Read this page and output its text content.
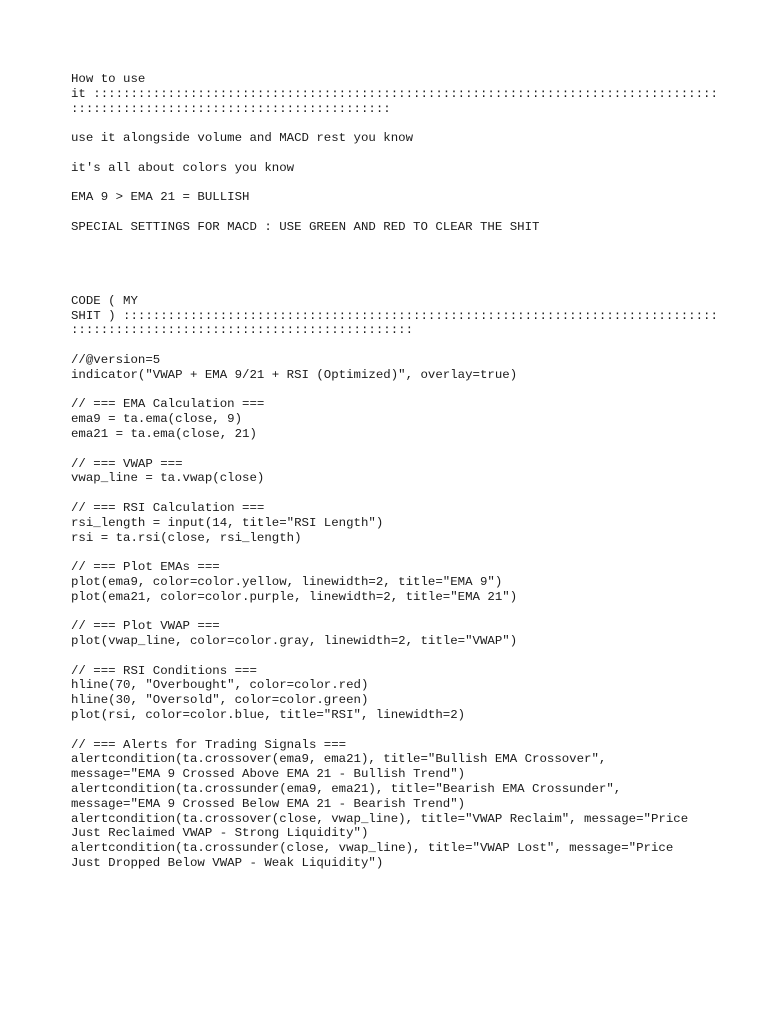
How to use
it ::::::::::::::::::::::::::::::::::::::::::::::::::::::::::::::::::::::::::::::::::::
:::::::::::::::::::::::::::::::::::::::::::
use it alongside volume and MACD rest you know
it's all about colors you know
EMA 9 > EMA 21 = BULLISH
SPECIAL SETTINGS FOR MACD : USE GREEN AND RED TO CLEAR THE SHIT
CODE ( MY
SHIT ) ::::::::::::::::::::::::::::::::::::::::::::::::::::::::::::::::::::::::::::::::
::::::::::::::::::::::::::::::::::::::::::::::
//@version=5
indicator("VWAP + EMA 9/21 + RSI (Optimized)", overlay=true)
// === EMA Calculation ===
ema9 = ta.ema(close, 9)
ema21 = ta.ema(close, 21)
// === VWAP ===
vwap_line = ta.vwap(close)
// === RSI Calculation ===
rsi_length = input(14, title="RSI Length")
rsi = ta.rsi(close, rsi_length)
// === Plot EMAs ===
plot(ema9, color=color.yellow, linewidth=2, title="EMA 9")
plot(ema21, color=color.purple, linewidth=2, title="EMA 21")
// === Plot VWAP ===
plot(vwap_line, color=color.gray, linewidth=2, title="VWAP")
// === RSI Conditions ===
hline(70, "Overbought", color=color.red)
hline(30, "Oversold", color=color.green)
plot(rsi, color=color.blue, title="RSI", linewidth=2)
// === Alerts for Trading Signals ===
alertcondition(ta.crossover(ema9, ema21), title="Bullish EMA Crossover",
message="EMA 9 Crossed Above EMA 21 - Bullish Trend")
alertcondition(ta.crossunder(ema9, ema21), title="Bearish EMA Crossunder",
message="EMA 9 Crossed Below EMA 21 - Bearish Trend")
alertcondition(ta.crossover(close, vwap_line), title="VWAP Reclaim", message="Price
Just Reclaimed VWAP - Strong Liquidity")
alertcondition(ta.crossunder(close, vwap_line), title="VWAP Lost", message="Price
Just Dropped Below VWAP - Weak Liquidity")
